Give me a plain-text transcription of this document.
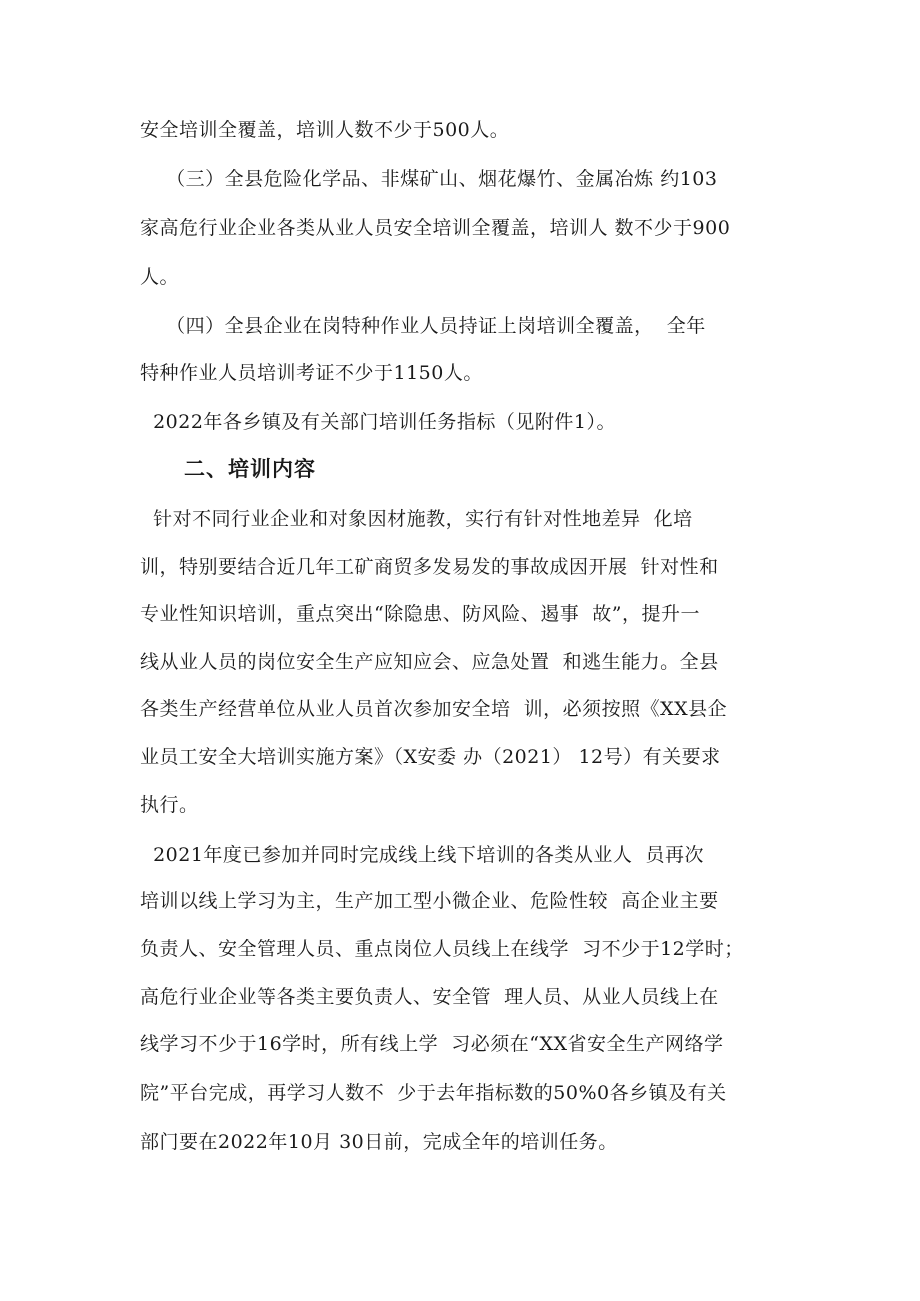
安全培训全覆盖，培训人数不少于500人。
（三）全县危险化学品、非煤矿山、烟花爆竹、金属冶炼 约103
家高危行业企业各类从业人员安全培训全覆盖，培训人 数不少于900
人。
（四）全县企业在岗特种作业人员持证上岗培训全覆盖，  全年
特种作业人员培训考证不少于1150人。
2022年各乡镇及有关部门培训任务指标（见附件1）。
二、培训内容
针对不同行业企业和对象因材施教，实行有针对性地差异  化培
训，特别要结合近几年工矿商贸多发易发的事故成因开展  针对性和
专业性知识培训，重点突出“除隐患、防风险、遏事  故”，提升一
线从业人员的岗位安全生产应知应会、应急处置  和逃生能力。全县
各类生产经营单位从业人员首次参加安全培  训，必须按照《XX县企
业员工安全大培训实施方案》（X安委 办（2021） 12号）有关要求
执行。
2021年度已参加并同时完成线上线下培训的各类从业人  员再次
培训以线上学习为主，生产加工型小微企业、危险性较  高企业主要
负责人、安全管理人员、重点岗位人员线上在线学  习不少于12学时；
高危行业企业等各类主要负责人、安全管  理人员、从业人员线上在
线学习不少于16学时，所有线上学  习必须在“XX省安全生产网络学
院”平台完成，再学习人数不  少于去年指标数的50%0各乡镇及有关
部门要在2022年10月 30日前，完成全年的培训任务。
